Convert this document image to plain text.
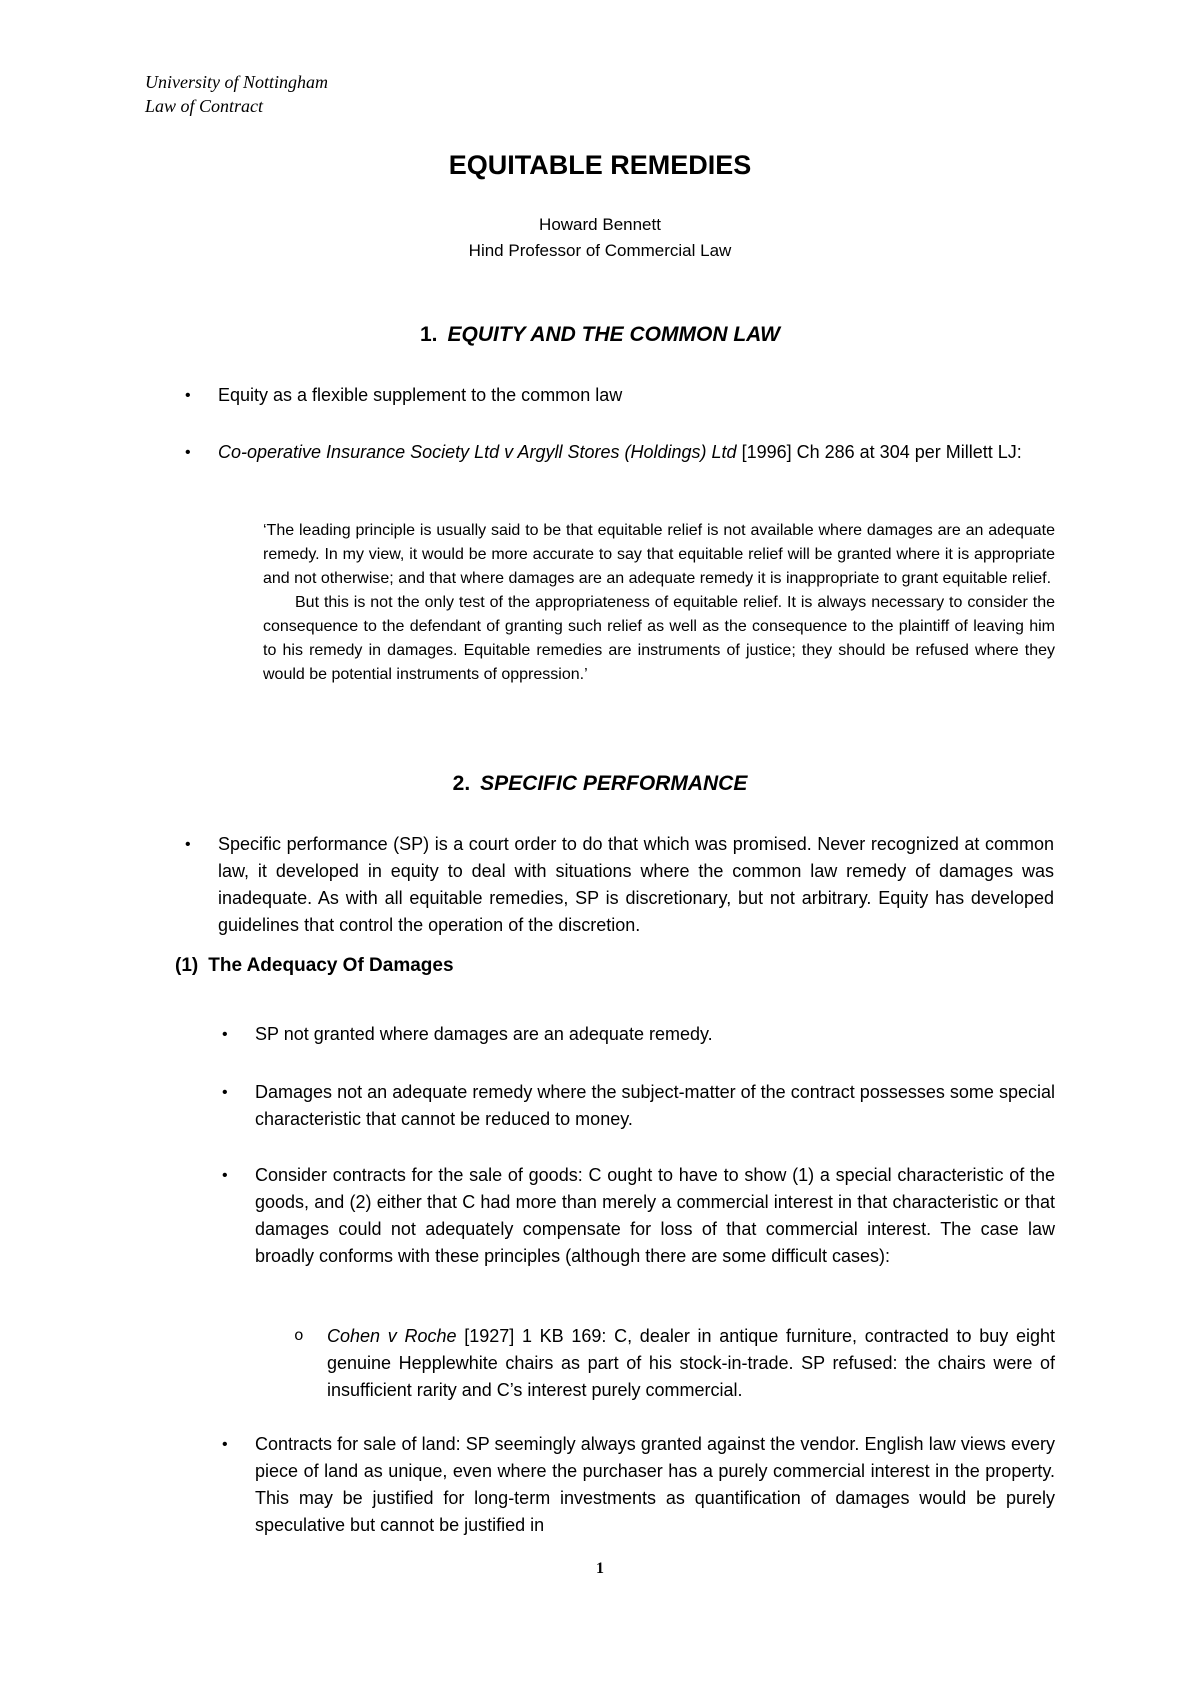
University of Nottingham
Law of Contract
EQUITABLE REMEDIES
Howard Bennett
Hind Professor of Commercial Law
1. EQUITY AND THE COMMON LAW
• Equity as a flexible supplement to the common law
• Co-operative Insurance Society Ltd v Argyll Stores (Holdings) Ltd [1996] Ch 286 at 304 per Millett LJ:

‘The leading principle is usually said to be that equitable relief is not available where damages are an adequate remedy. In my view, it would be more accurate to say that equitable relief will be granted where it is appropriate and not otherwise; and that where damages are an adequate remedy it is inappropriate to grant equitable relief.

But this is not the only test of the appropriateness of equitable relief. It is always necessary to consider the consequence to the defendant of granting such relief as well as the consequence to the plaintiff of leaving him to his remedy in damages. Equitable remedies are instruments of justice; they should be refused where they would be potential instruments of oppression.’

2. SPECIFIC PERFORMANCE
• Specific performance (SP) is a court order to do that which was promised. Never recognized at common law, it developed in equity to deal with situations where the common law remedy of damages was inadequate. As with all equitable remedies, SP is discretionary, but not arbitrary. Equity has developed guidelines that control the operation of the discretion.
(1) The Adequacy Of Damages
• SP not granted where damages are an adequate remedy.
• Damages not an adequate remedy where the subject-matter of the contract possesses some special characteristic that cannot be reduced to money.
• Consider contracts for the sale of goods: C ought to have to show (1) a special characteristic of the goods, and (2) either that C had more than merely a commercial interest in that characteristic or that damages could not adequately compensate for loss of that commercial interest. The case law broadly conforms with these principles (although there are some difficult cases):
o Cohen v Roche [1927] 1 KB 169: C, dealer in antique furniture, contracted to buy eight genuine Hepplewhite chairs as part of his stock-in-trade. SP refused: the chairs were of insufficient rarity and C’s interest purely commercial.
• Contracts for sale of land: SP seemingly always granted against the vendor. English law views every piece of land as unique, even where the purchaser has a purely commercial interest in the property. This may be justified for long-term investments as quantification of damages would be purely speculative but cannot be justified in
1
